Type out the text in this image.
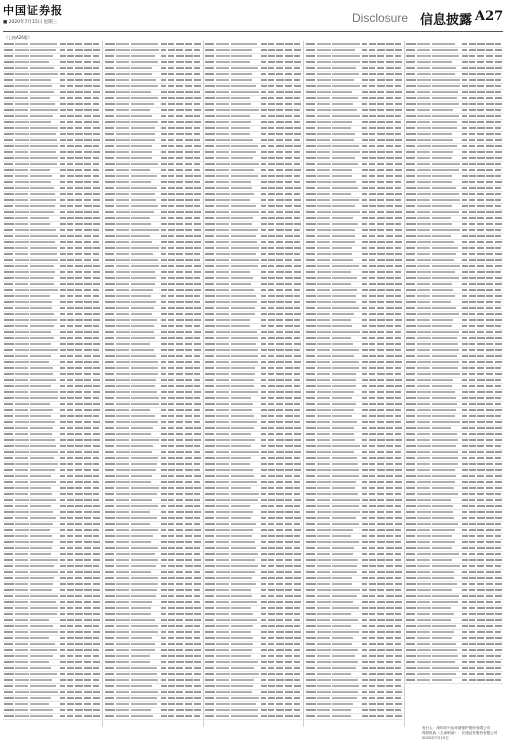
中国证券报
■ 2020年7月15日 星期三	Disclosure 信息披露 A27
（上接A26版）
发行人：深圳市兴达环境保护股份有限公司
保荐机构（主承销商）：长城证券股份有限公司
2020年7月15日
